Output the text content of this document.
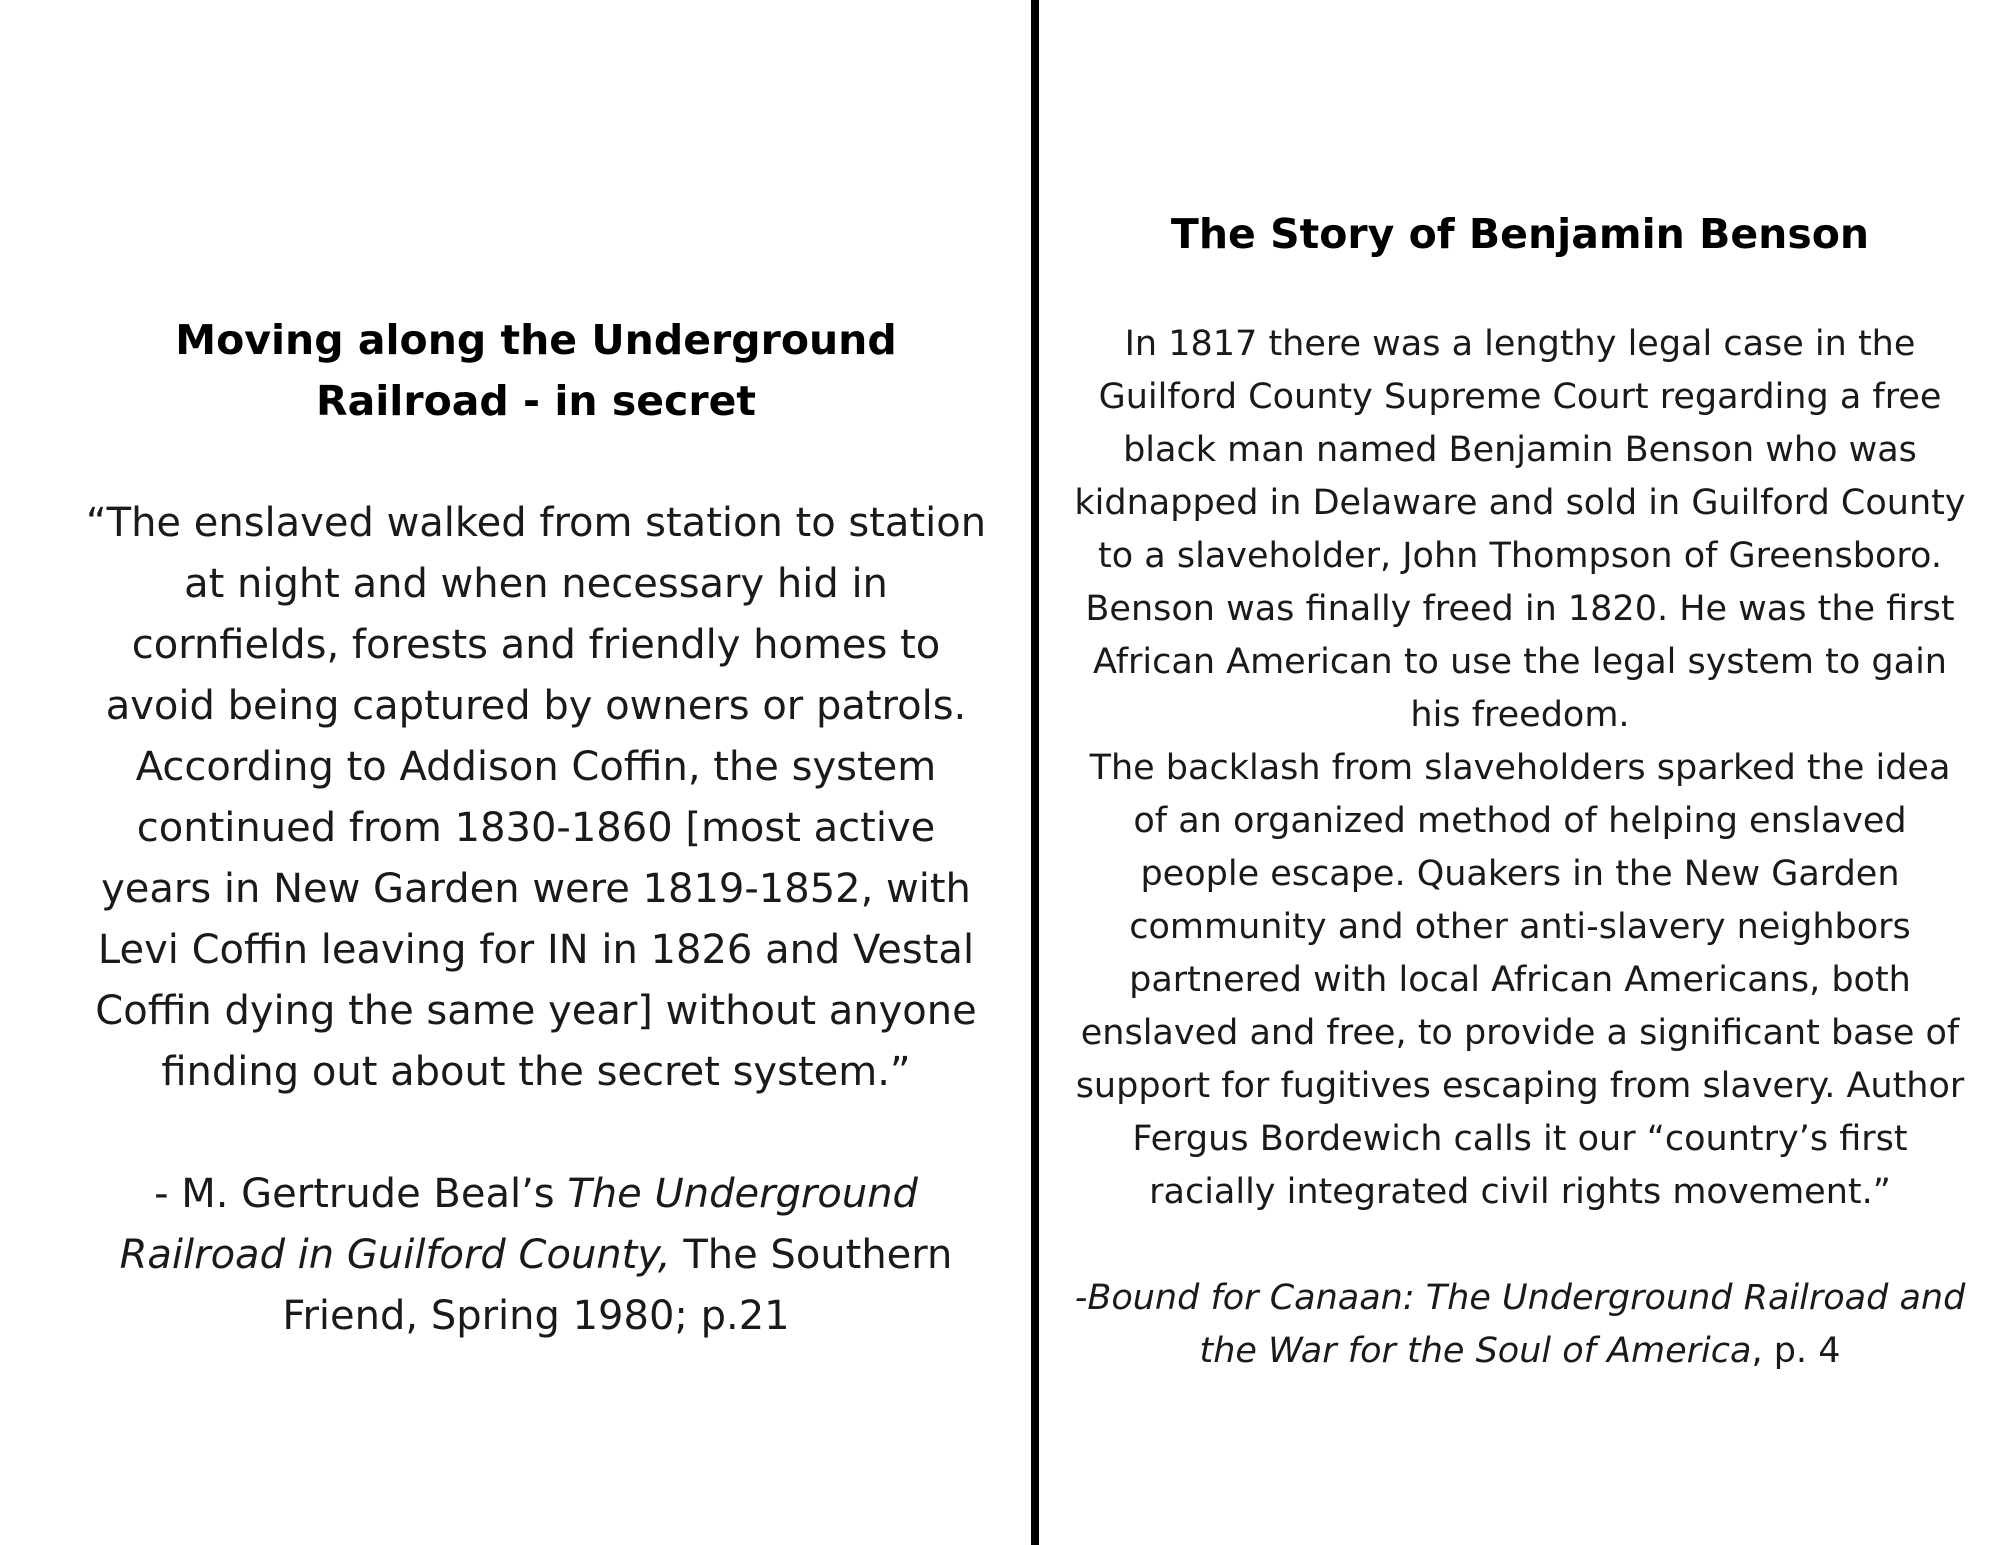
Moving along the Underground Railroad - in secret

“The enslaved walked from station to station at night and when necessary hid in cornfields, forests and friendly homes to avoid being captured by owners or patrols. According to Addison Coffin, the system continued from 1830-1860 [most active years in New Garden were 1819-1852, with Levi Coffin leaving for IN in 1826 and Vestal Coffin dying the same year] without anyone finding out about the secret system.”

- M. Gertrude Beal’s The Underground Railroad in Guilford County, The Southern Friend, Spring 1980; p.21

The Story of Benjamin Benson

In 1817 there was a lengthy legal case in the Guilford County Supreme Court regarding a free black man named Benjamin Benson who was kidnapped in Delaware and sold in Guilford County to a slaveholder, John Thompson of Greensboro. Benson was finally freed in 1820. He was the first African American to use the legal system to gain his freedom.
The backlash from slaveholders sparked the idea of an organized method of helping enslaved people escape. Quakers in the New Garden community and other anti-slavery neighbors partnered with local African Americans, both enslaved and free, to provide a significant base of support for fugitives escaping from slavery. Author Fergus Bordewich calls it our “country’s first racially integrated civil rights movement.”

-Bound for Canaan: The Underground Railroad and the War for the Soul of America, p. 4
